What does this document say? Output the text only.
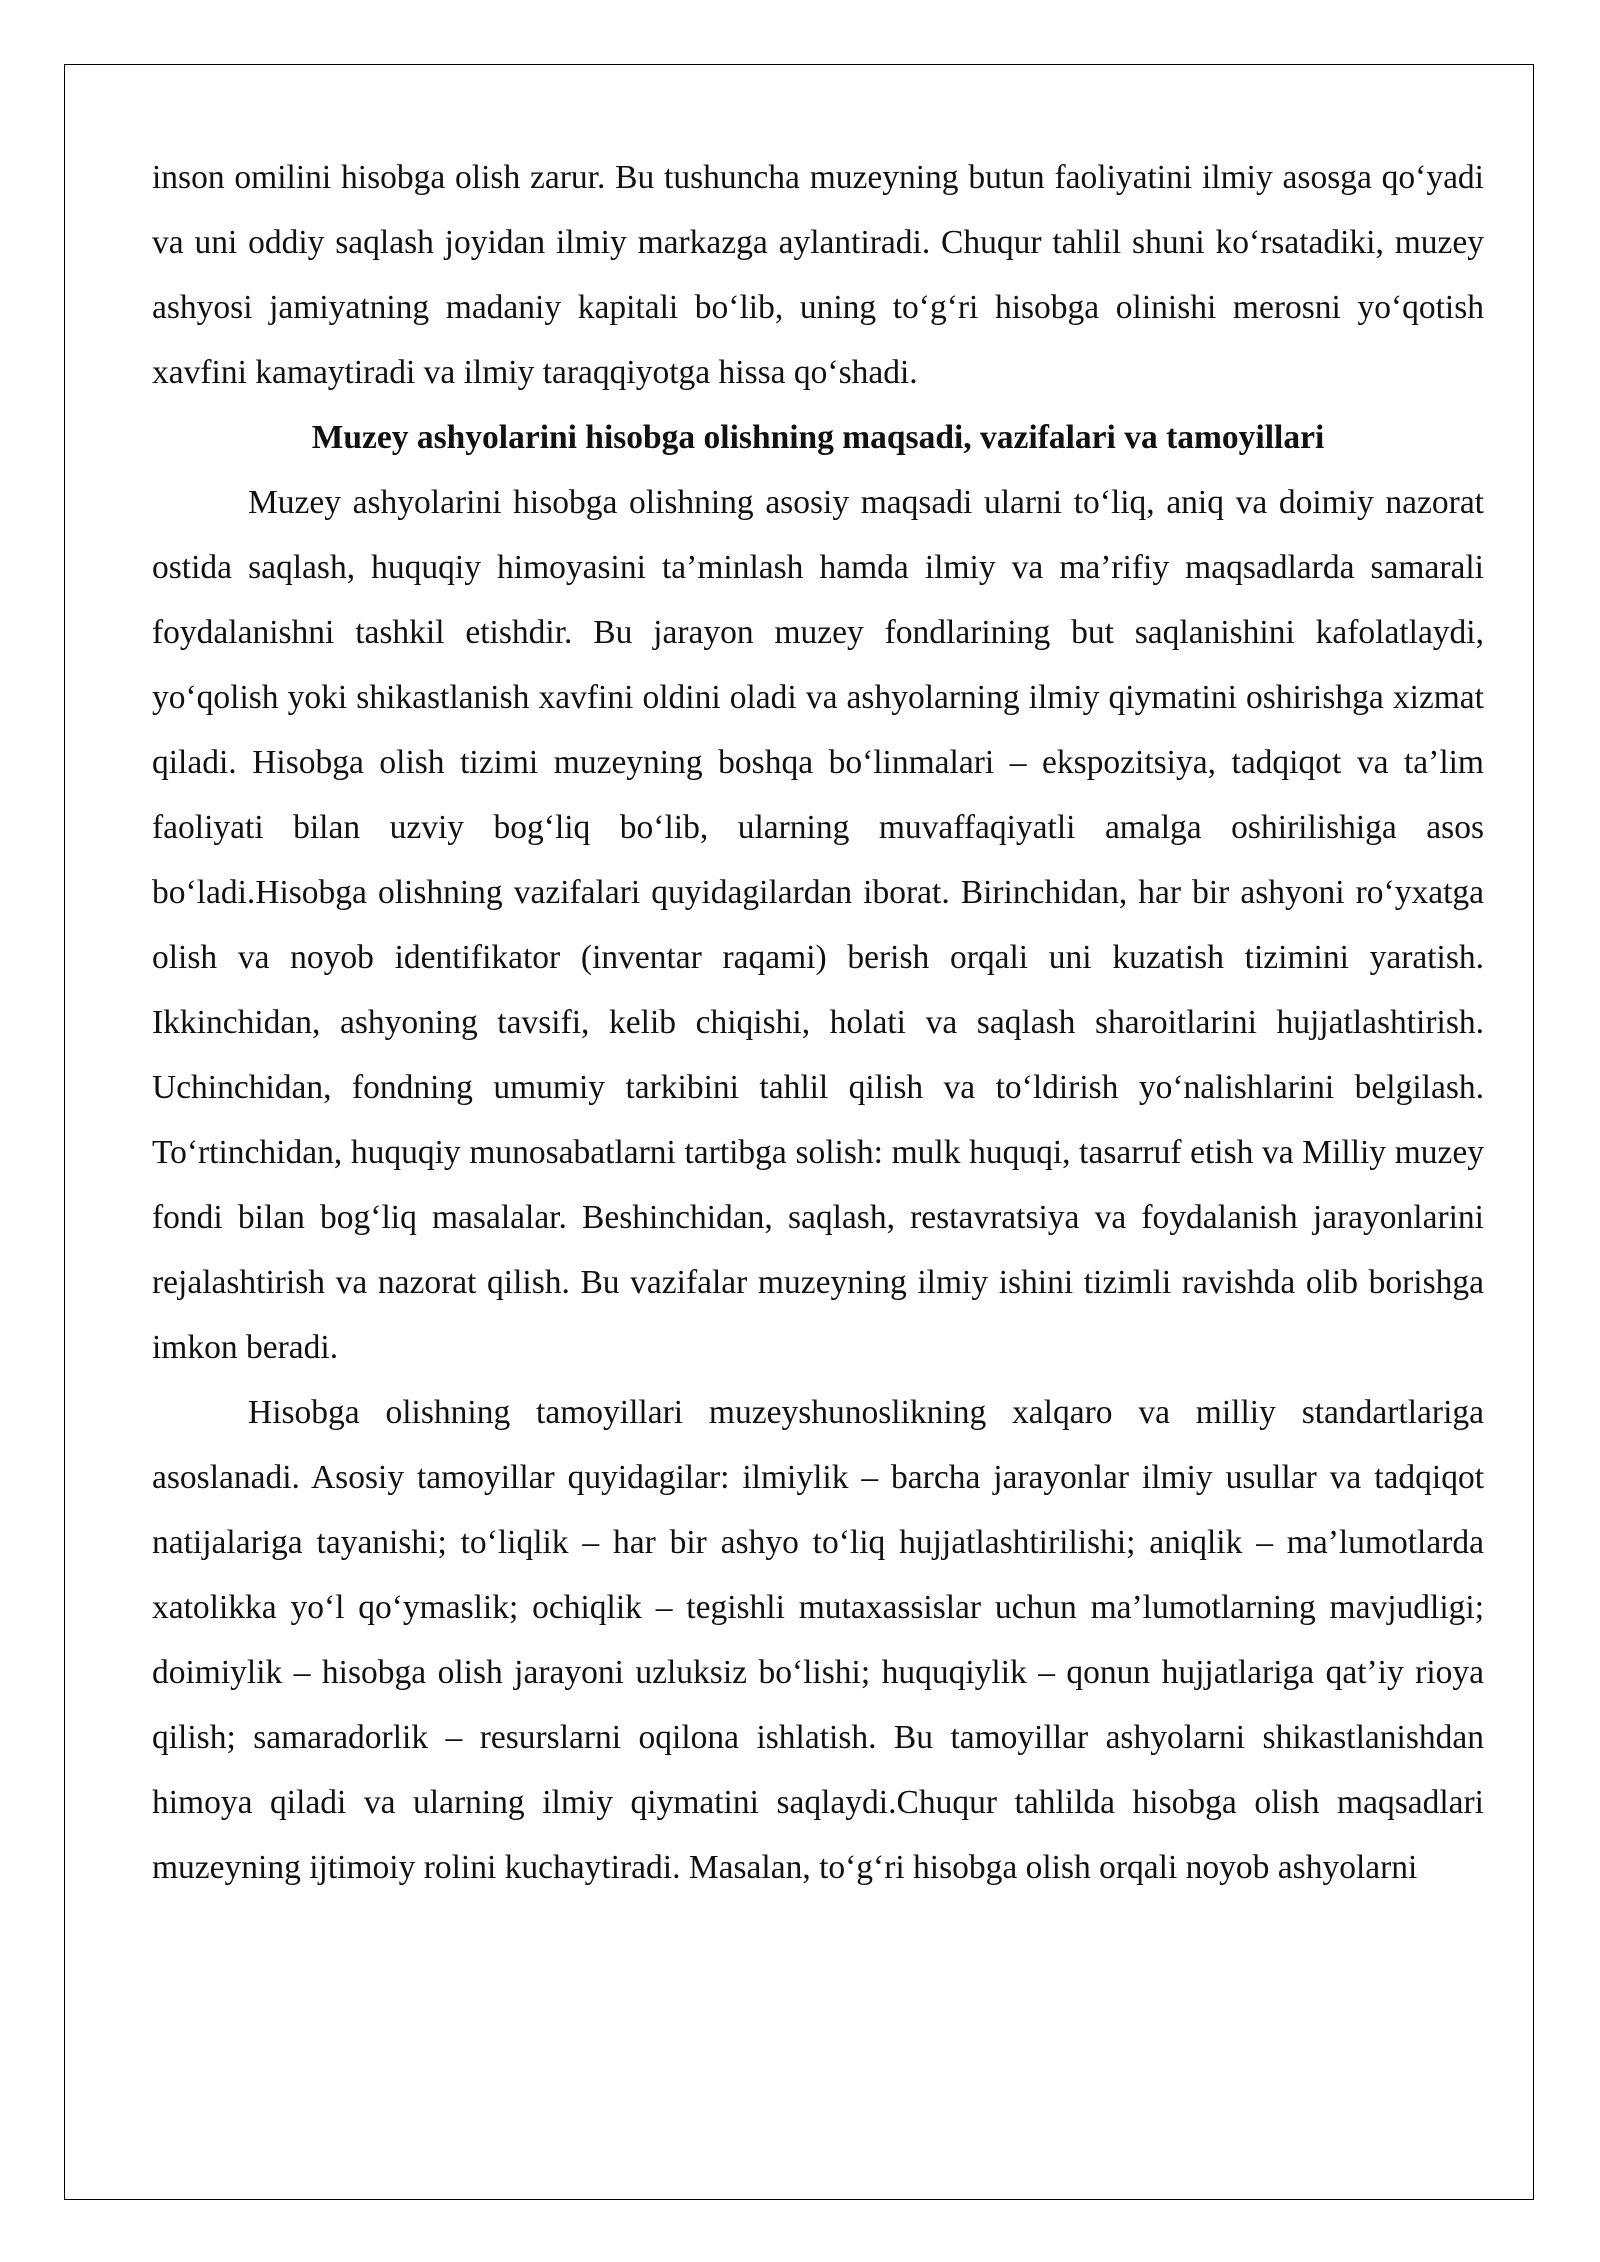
inson omilini hisobga olish zarur. Bu tushuncha muzeyning butun faoliyatini ilmiy asosga qo‘yadi va uni oddiy saqlash joyidan ilmiy markazga aylantiradi. Chuqur tahlil shuni ko‘rsatadiki, muzey ashyosi jamiyatning madaniy kapitali bo‘lib, uning to‘g‘ri hisobga olinishi merosni yo‘qotish xavfini kamaytiradi va ilmiy taraqqiyotga hissa qo‘shadi.

Muzey ashyolarini hisobga olishning maqsadi, vazifalari va tamoyillari

Muzey ashyolarini hisobga olishning asosiy maqsadi ularni to‘liq, aniq va doimiy nazorat ostida saqlash, huquqiy himoyasini ta’minlash hamda ilmiy va ma’rifiy maqsadlarda samarali foydalanishni tashkil etishdir. Bu jarayon muzey fondlarining but saqlanishini kafolatlaydi, yo‘qolish yoki shikastlanish xavfini oldini oladi va ashyolarning ilmiy qiymatini oshirishga xizmat qiladi. Hisobga olish tizimi muzeyning boshqa bo‘linmalari – ekspozitsiya, tadqiqot va ta’lim faoliyati bilan uzviy bog‘liq bo‘lib, ularning muvaffaqiyatli amalga oshirilishiga asos bo‘ladi.Hisobga olishning vazifalari quyidagilardan iborat. Birinchidan, har bir ashyoni ro‘yxatga olish va noyob identifikator (inventar raqami) berish orqali uni kuzatish tizimini yaratish. Ikkinchidan, ashyoning tavsifi, kelib chiqishi, holati va saqlash sharoitlarini hujjatlashtirish. Uchinchidan, fondning umumiy tarkibini tahlil qilish va to‘ldirish yo‘nalishlarini belgilash. To‘rtinchidan, huquqiy munosabatlarni tartibga solish: mulk huquqi, tasarruf etish va Milliy muzey fondi bilan bog‘liq masalalar. Beshinchidan, saqlash, restavratsiya va foydalanish jarayonlarini rejalashtirish va nazorat qilish. Bu vazifalar muzeyning ilmiy ishini tizimli ravishda olib borishga imkon beradi.

Hisobga olishning tamoyillari muzeyshunoslikning xalqaro va milliy standartlariga asoslanadi. Asosiy tamoyillar quyidagilar: ilmiylik – barcha jarayonlar ilmiy usullar va tadqiqot natijalariga tayanishi; to‘liqlik – har bir ashyo to‘liq hujjatlashtirilishi; aniqlik – ma’lumotlarda xatolikka yo‘l qo‘ymaslik; ochiqlik – tegishli mutaxassislar uchun ma’lumotlarning mavjudligi; doimiylik – hisobga olish jarayoni uzluksiz bo‘lishi; huquqiylik – qonun hujjatlariga qat’iy rioya qilish; samaradorlik – resurslarni oqilona ishlatish. Bu tamoyillar ashyolarni shikastlanishdan himoya qiladi va ularning ilmiy qiymatini saqlaydi.Chuqur tahlilda hisobga olish maqsadlari muzeyning ijtimoiy rolini kuchaytiradi. Masalan, to‘g‘ri hisobga olish orqali noyob ashyolarni
